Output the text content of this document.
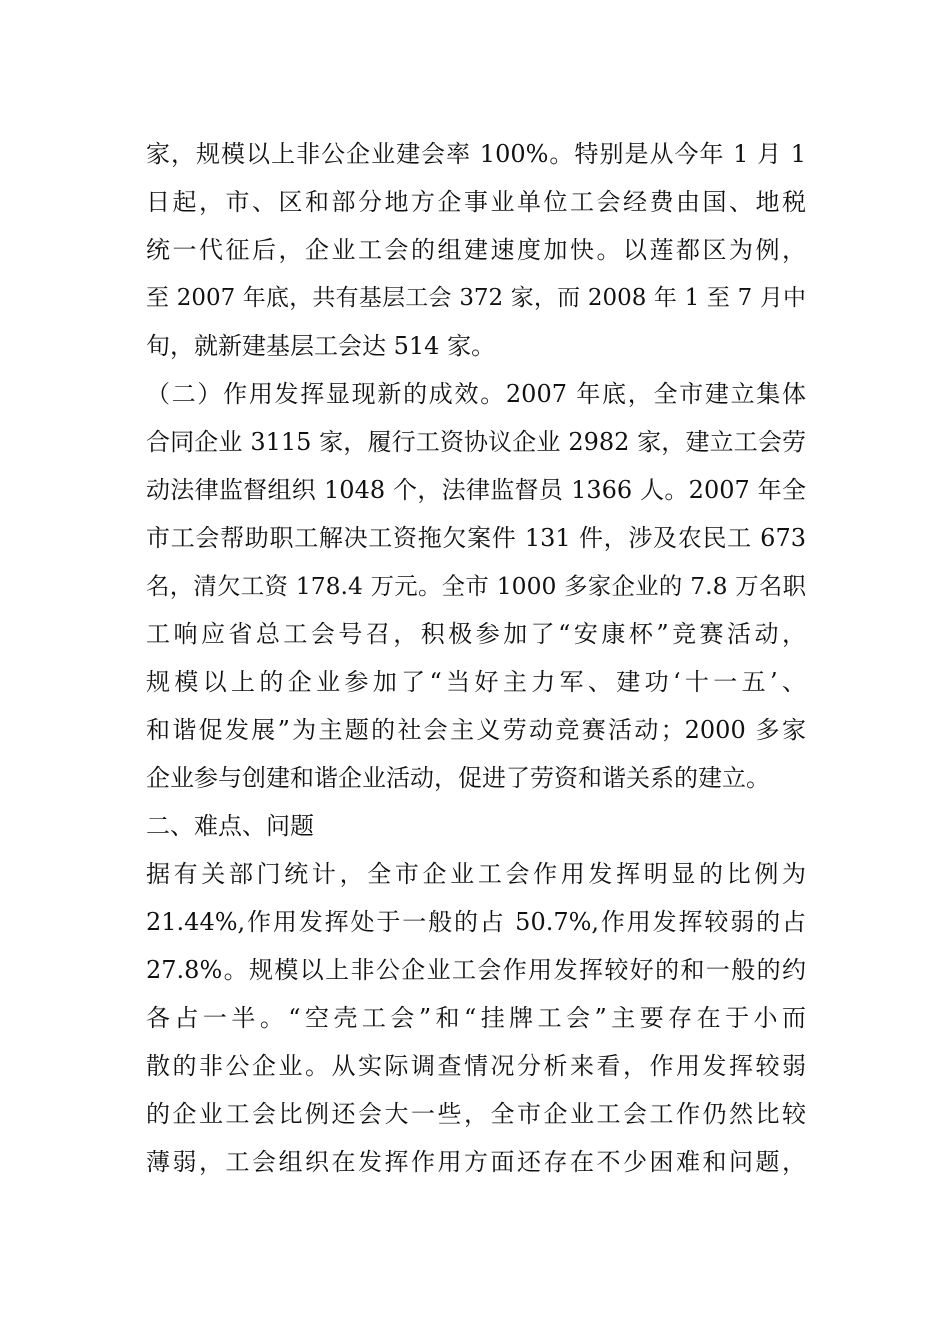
家，规模以上非公企业建会率 100%。特别是从今年 1 月 1
日起，市、区和部分地方企事业单位工会经费由国、地税
统一代征后，企业工会的组建速度加快。以莲都区为例，
至 2007 年底，共有基层工会 372 家，而 2008 年 1 至 7 月中
旬，就新建基层工会达 514 家。
（二）作用发挥显现新的成效。2007 年底，全市建立集体
合同企业 3115 家，履行工资协议企业 2982 家，建立工会劳
动法律监督组织 1048 个，法律监督员 1366 人。2007 年全
市工会帮助职工解决工资拖欠案件 131 件，涉及农民工 673
名，清欠工资 178.4 万元。全市 1000 多家企业的 7.8 万名职
工响应省总工会号召，积极参加了“安康杯”竞赛活动，
规模以上的企业参加了“当好主力军、建功‘十一五’、
和谐促发展”为主题的社会主义劳动竞赛活动；2000 多家
企业参与创建和谐企业活动，促进了劳资和谐关系的建立。
二、难点、问题
据有关部门统计，全市企业工会作用发挥明显的比例为
21.44%,作用发挥处于一般的占 50.7%,作用发挥较弱的占
27.8%。规模以上非公企业工会作用发挥较好的和一般的约
各占一半。“空壳工会”和“挂牌工会”主要存在于小而
散的非公企业。从实际调查情况分析来看，作用发挥较弱
的企业工会比例还会大一些，全市企业工会工作仍然比较
薄弱，工会组织在发挥作用方面还存在不少困难和问题，
